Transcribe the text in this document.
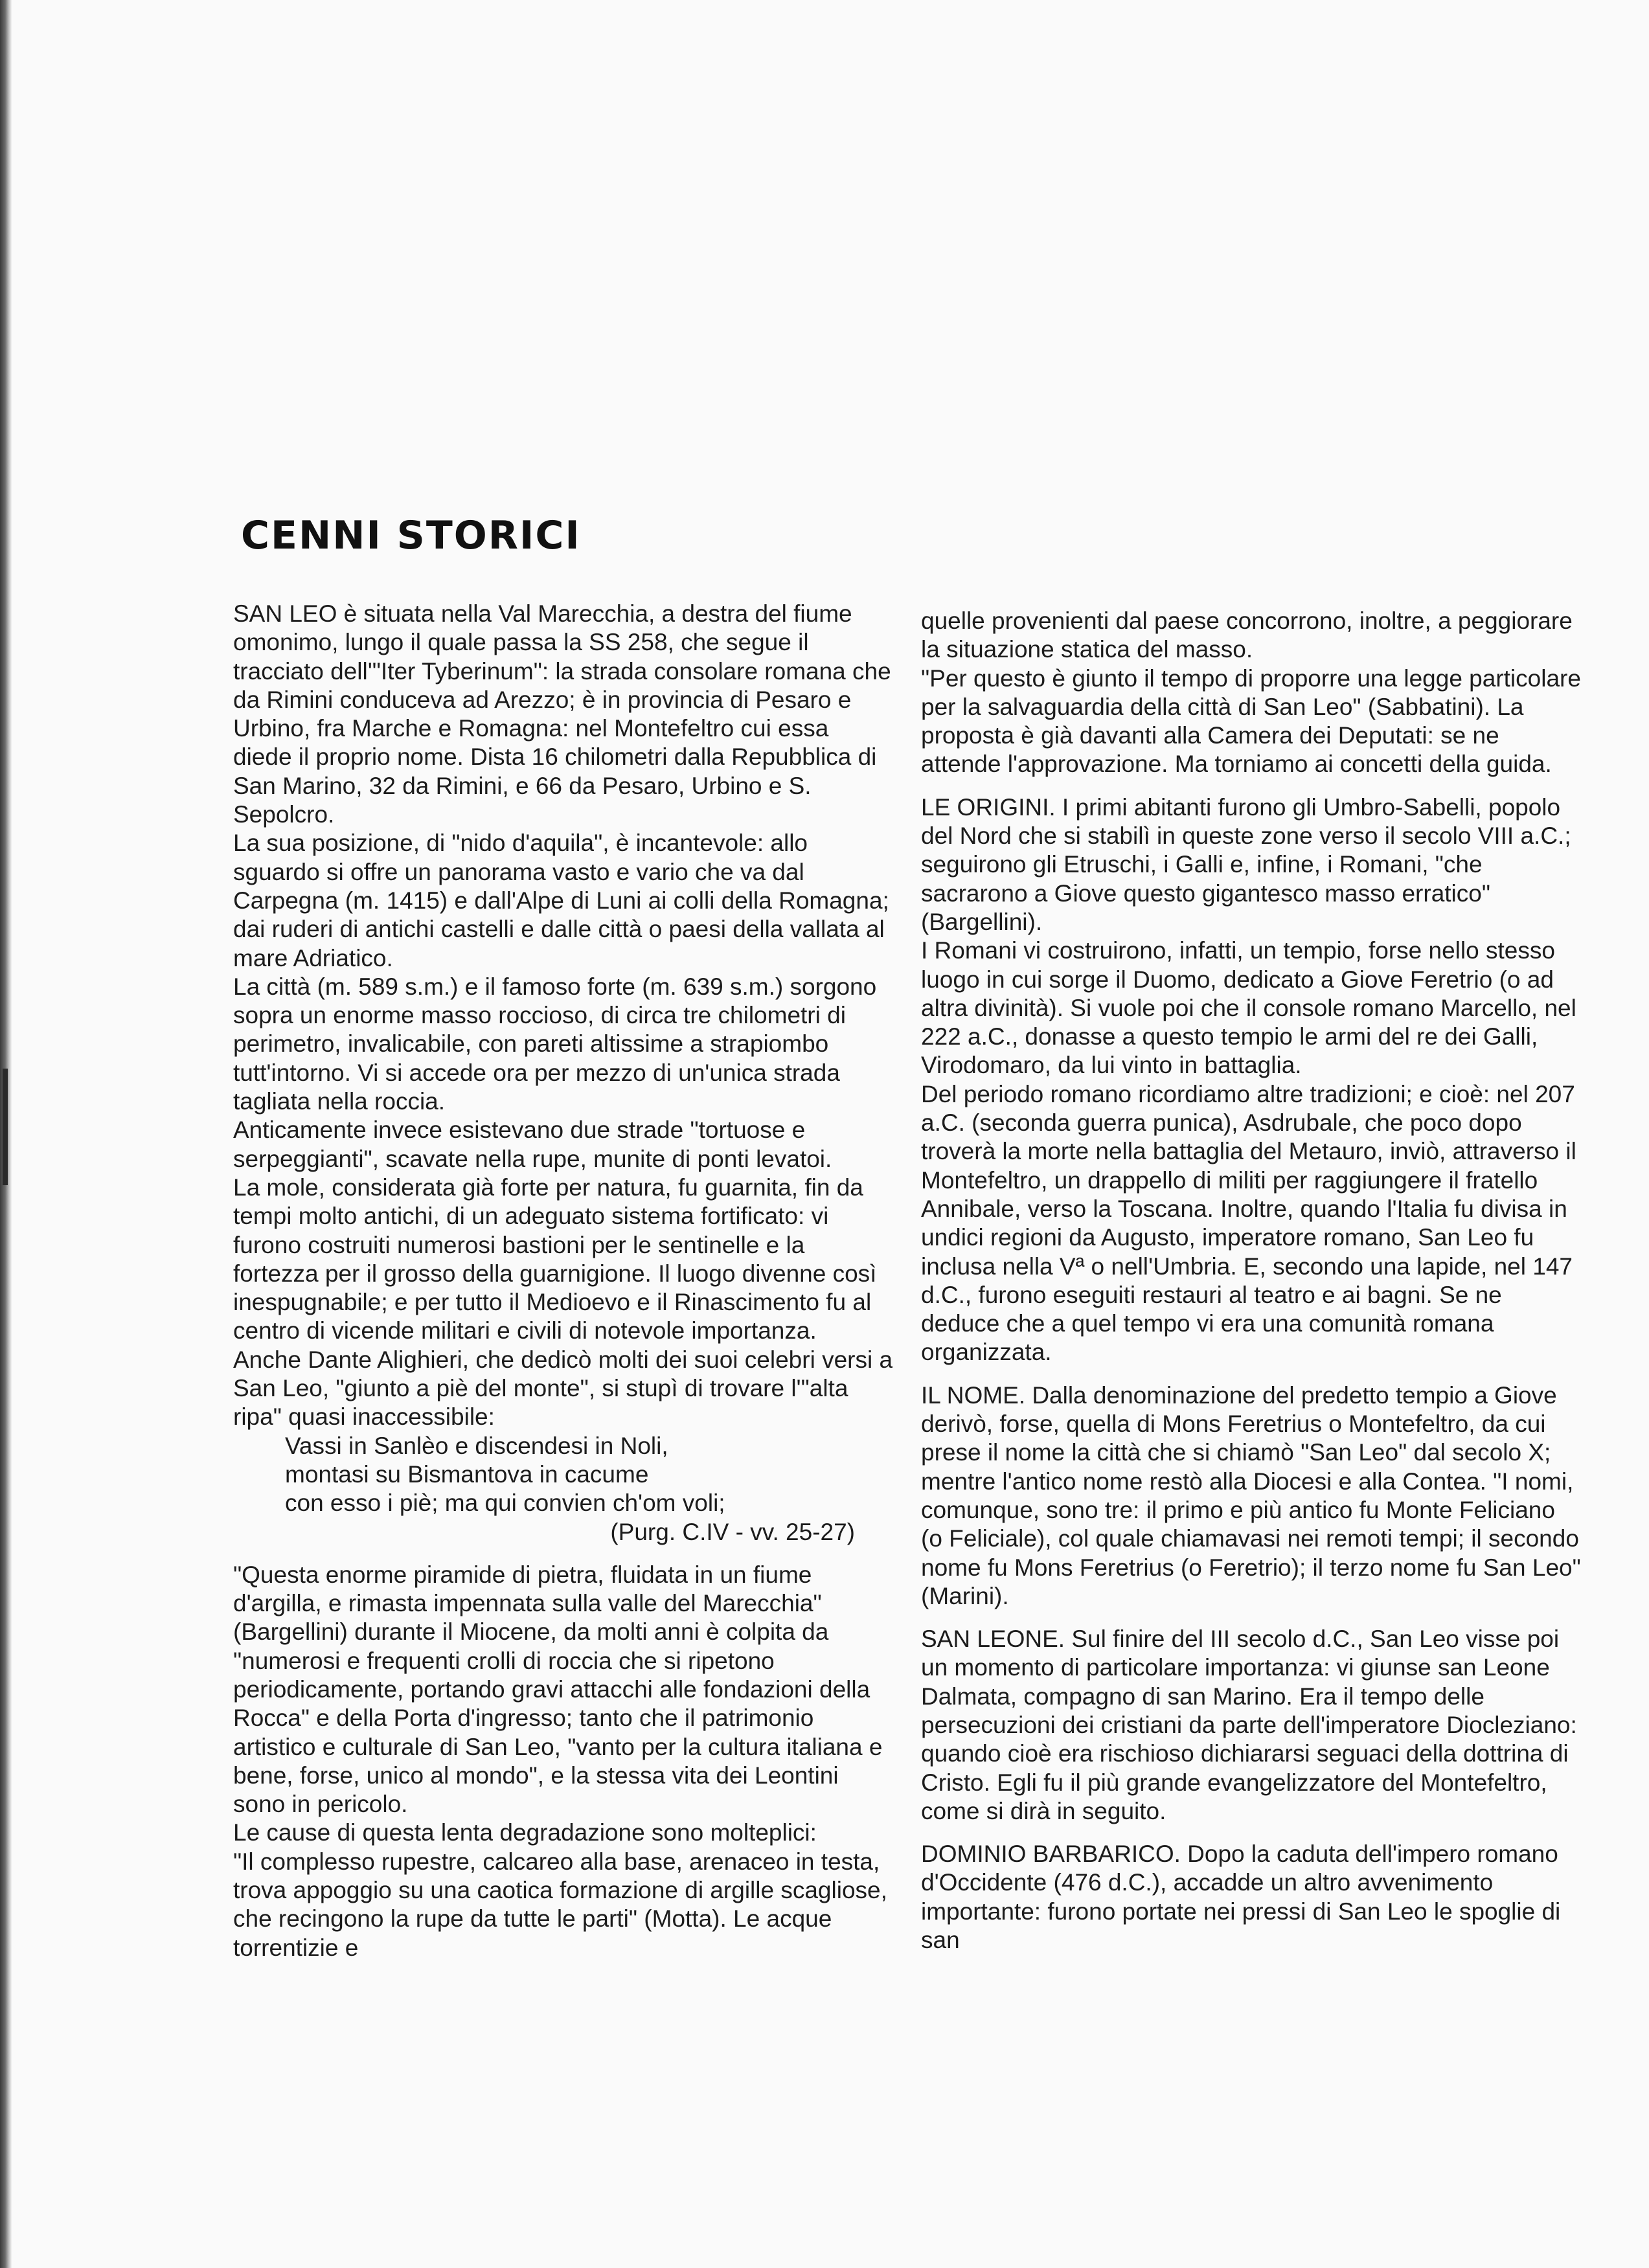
CENNI STORICI

SAN LEO è situata nella Val Marecchia, a destra del fiume omonimo, lungo il quale passa la SS 258, che segue il tracciato dell'"Iter Tyberinum": la strada consolare romana che da Rimini conduceva ad Arezzo; è in provincia di Pesaro e Urbino, fra Marche e Romagna: nel Montefeltro cui essa diede il proprio nome. Dista 16 chilometri dalla Repubblica di San Marino, 32 da Rimini, e 66 da Pesaro, Urbino e S. Sepolcro.

La sua posizione, di "nido d'aquila", è incantevole: allo sguardo si offre un panorama vasto e vario che va dal Carpegna (m. 1415) e dall'Alpe di Luni ai colli della Romagna; dai ruderi di antichi castelli e dalle città o paesi della vallata al mare Adriatico.

La città (m. 589 s.m.) e il famoso forte (m. 639 s.m.) sorgono sopra un enorme masso roccioso, di circa tre chilometri di perimetro, invalicabile, con pareti altissime a strapiombo tutt'intorno. Vi si accede ora per mezzo di un'unica strada tagliata nella roccia.

Anticamente invece esistevano due strade "tortuose e serpeggianti", scavate nella rupe, munite di ponti levatoi.

La mole, considerata già forte per natura, fu guarnita, fin da tempi molto antichi, di un adeguato sistema fortificato: vi furono costruiti numerosi bastioni per le sentinelle e la fortezza per il grosso della guarnigione. Il luogo divenne così inespugnabile; e per tutto il Medioevo e il Rinascimento fu al centro di vicende militari e civili di notevole importanza.

Anche Dante Alighieri, che dedicò molti dei suoi celebri versi a San Leo, "giunto a piè del monte", si stupì di trovare l'"alta ripa" quasi inaccessibile:

Vassi in Sanlèo e discendesi in Noli,
montasi su Bismantova in cacume
con esso i piè; ma qui convien ch'om voli;
(Purg. C.IV - vv. 25-27)

"Questa enorme piramide di pietra, fluidata in un fiume d'argilla, e rimasta impennata sulla valle del Marecchia" (Bargellini) durante il Miocene, da molti anni è colpita da "numerosi e frequenti crolli di roccia che si ripetono periodicamente, portando gravi attacchi alle fondazioni della Rocca" e della Porta d'ingresso; tanto che il patrimonio artistico e culturale di San Leo, "vanto per la cultura italiana e bene, forse, unico al mondo", e la stessa vita dei Leontini sono in pericolo.

Le cause di questa lenta degradazione sono molteplici:

"Il complesso rupestre, calcareo alla base, arenaceo in testa, trova appoggio su una caotica formazione di argille scagliose, che recingono la rupe da tutte le parti" (Motta). Le acque torrentizie e

quelle provenienti dal paese concorrono, inoltre, a peggiorare la situazione statica del masso.

"Per questo è giunto il tempo di proporre una legge particolare per la salvaguardia della città di San Leo" (Sabbatini). La proposta è già davanti alla Camera dei Deputati: se ne attende l'approvazione. Ma torniamo ai concetti della guida.

LE ORIGINI. I primi abitanti furono gli Umbro-Sabelli, popolo del Nord che si stabilì in queste zone verso il secolo VIII a.C.; seguirono gli Etruschi, i Galli e, infine, i Romani, "che sacrarono a Giove questo gigantesco masso erratico" (Bargellini).

I Romani vi costruirono, infatti, un tempio, forse nello stesso luogo in cui sorge il Duomo, dedicato a Giove Feretrio (o ad altra divinità). Si vuole poi che il console romano Marcello, nel 222 a.C., donasse a questo tempio le armi del re dei Galli, Virodomaro, da lui vinto in battaglia.

Del periodo romano ricordiamo altre tradizioni; e cioè: nel 207 a.C. (seconda guerra punica), Asdrubale, che poco dopo troverà la morte nella battaglia del Metauro, inviò, attraverso il Montefeltro, un drappello di militi per raggiungere il fratello Annibale, verso la Toscana. Inoltre, quando l'Italia fu divisa in undici regioni da Augusto, imperatore romano, San Leo fu inclusa nella Vª o nell'Umbria. E, secondo una lapide, nel 147 d.C., furono eseguiti restauri al teatro e ai bagni. Se ne deduce che a quel tempo vi era una comunità romana organizzata.

IL NOME. Dalla denominazione del predetto tempio a Giove derivò, forse, quella di Mons Feretrius o Montefeltro, da cui prese il nome la città che si chiamò "San Leo" dal secolo X; mentre l'antico nome restò alla Diocesi e alla Contea. "I nomi, comunque, sono tre: il primo e più antico fu Monte Feliciano (o Feliciale), col quale chiamavasi nei remoti tempi; il secondo nome fu Mons Feretrius (o Feretrio); il terzo nome fu San Leo" (Marini).

SAN LEONE. Sul finire del III secolo d.C., San Leo visse poi un momento di particolare importanza: vi giunse san Leone Dalmata, compagno di san Marino. Era il tempo delle persecuzioni dei cristiani da parte dell'imperatore Diocleziano: quando cioè era rischioso dichiararsi seguaci della dottrina di Cristo. Egli fu il più grande evangelizzatore del Montefeltro, come si dirà in seguito.

DOMINIO BARBARICO. Dopo la caduta dell'impero romano d'Occidente (476 d.C.), accadde un altro avvenimento importante: furono portate nei pressi di San Leo le spoglie di san
